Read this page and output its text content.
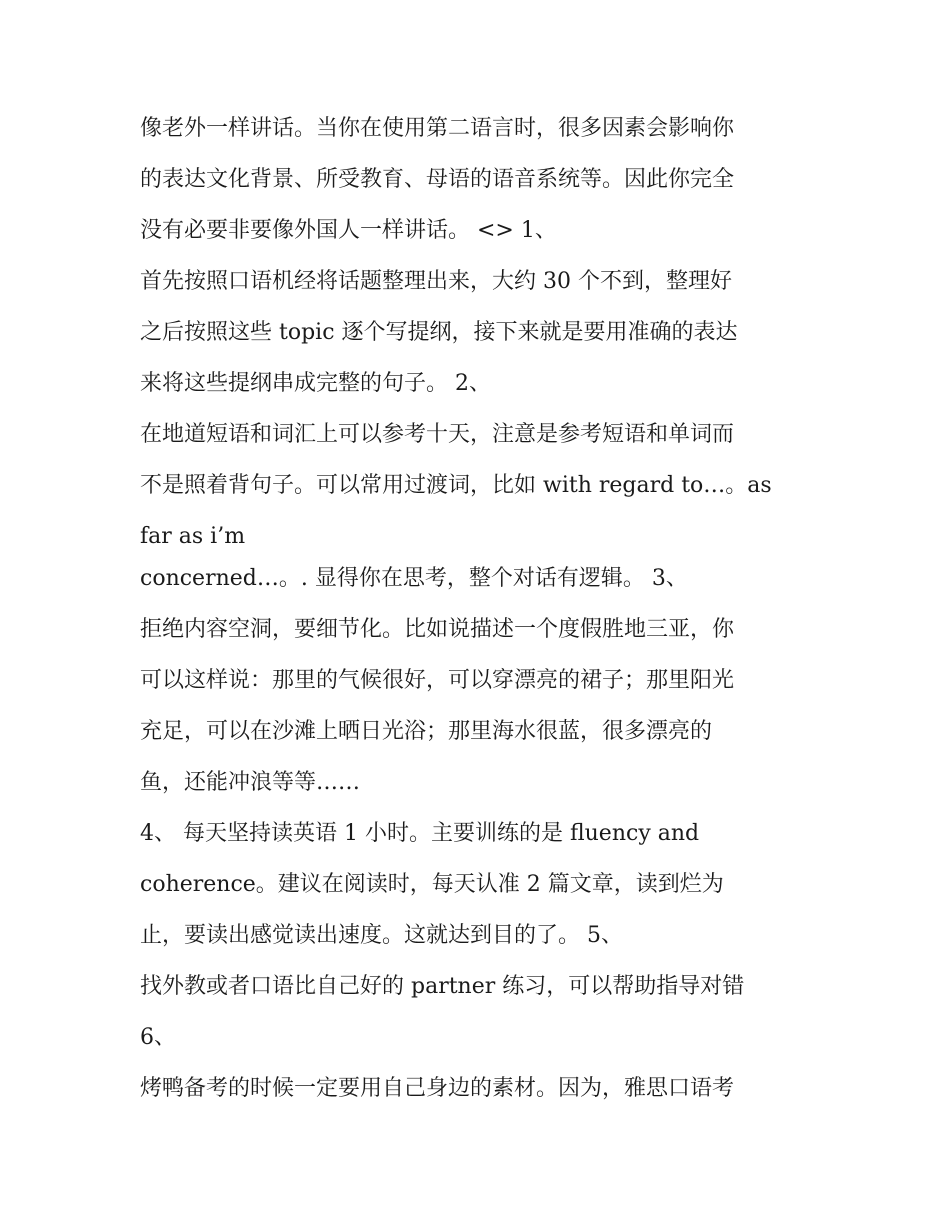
像老外一样讲话。当你在使用第二语言时，很多因素会影响你
的表达文化背景、所受教育、母语的语音系统等。因此你完全
没有必要非要像外国人一样讲话。 <> 1、
首先按照口语机经将话题整理出来，大约 30 个不到，整理好
之后按照这些 topic 逐个写提纲，接下来就是要用准确的表达
来将这些提纲串成完整的句子。 2、
在地道短语和词汇上可以参考十天，注意是参考短语和单词而
不是照着背句子。可以常用过渡词，比如 with regard to…。as
far as i’m
concerned…。. 显得你在思考，整个对话有逻辑。 3、
拒绝内容空洞，要细节化。比如说描述一个度假胜地三亚，你
可以这样说：那里的气候很好，可以穿漂亮的裙子；那里阳光
充足，可以在沙滩上晒日光浴；那里海水很蓝，很多漂亮的
鱼，还能冲浪等等……
4、 每天坚持读英语 1 小时。主要训练的是 fluency and
coherence。建议在阅读时，每天认准 2 篇文章，读到烂为
止，要读出感觉读出速度。这就达到目的了。 5、
找外教或者口语比自己好的 partner 练习，可以帮助指导对错
6、
烤鸭备考的时候一定要用自己身边的素材。因为，雅思口语考
